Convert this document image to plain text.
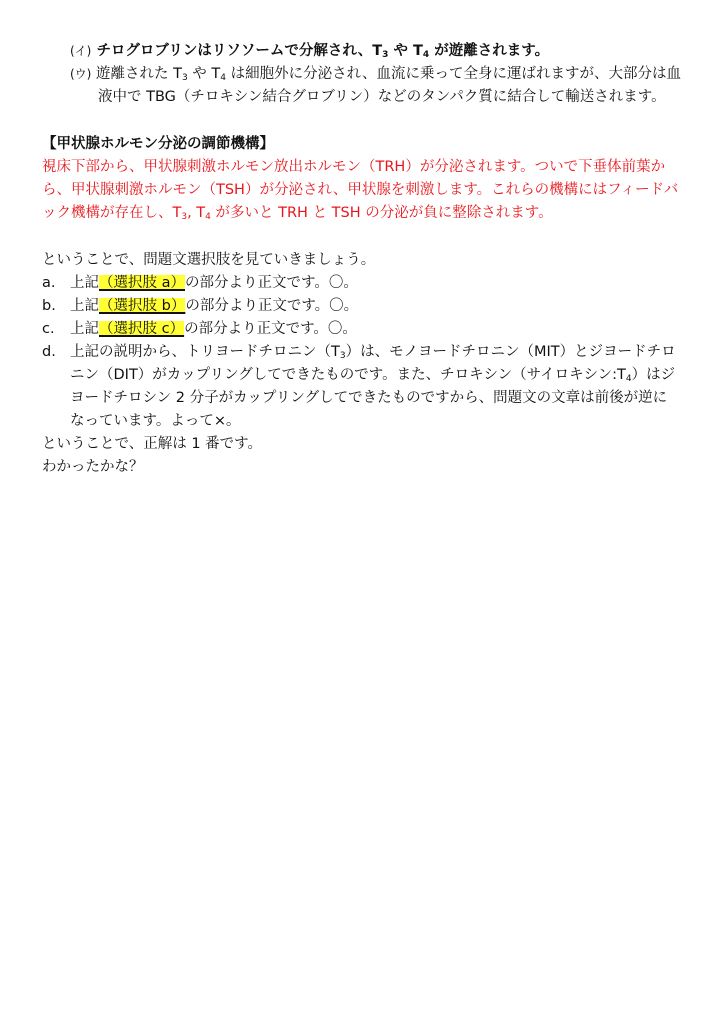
(イ) チログロブリンはリソソームで分解され、$T_3$ や $T_4$ が遊離されます。
(ウ) 遊離された $T_3$ や $T_4$ は細胞外に分泌され、血流に乗って全身に運ばれますが、大部分は血
液中で TBG（チロキシン結合グロブリン）などのタンパク質に結合して輸送されます。
【甲状腺ホルモン分泌の調節機構】
視床下部から、甲状腺刺激ホルモン放出ホルモン（TRH）が分泌されます。ついで下垂体前葉か
ら、甲状腺刺激ホルモン（TSH）が分泌され、甲状腺を刺激します。これらの機構にはフィードバ
ック機構が存在し、$T_3$, $T_4$ が多いと TRH と TSH の分泌が負に整除されます。
ということで、問題文選択肢を見ていきましょう。
a. 上記（選択肢 a）の部分より正文です。〇。
b. 上記（選択肢 b）の部分より正文です。〇。
c. 上記（選択肢 c）の部分より正文です。〇。
d. 上記の説明から、トリヨードチロニン$(T_3)$は、モノヨードチロニン（MIT）とジヨードチロ
ニン（DIT）がカップリングしてできたものです。また、チロキシン（サイロキシン$:T_4$）はジ
ヨードチロシン 2 分子がカップリングしてできたものですから、問題文の文章は前後が逆に
なっています。よって×。
ということで、正解は 1 番です。
わかったかな？
